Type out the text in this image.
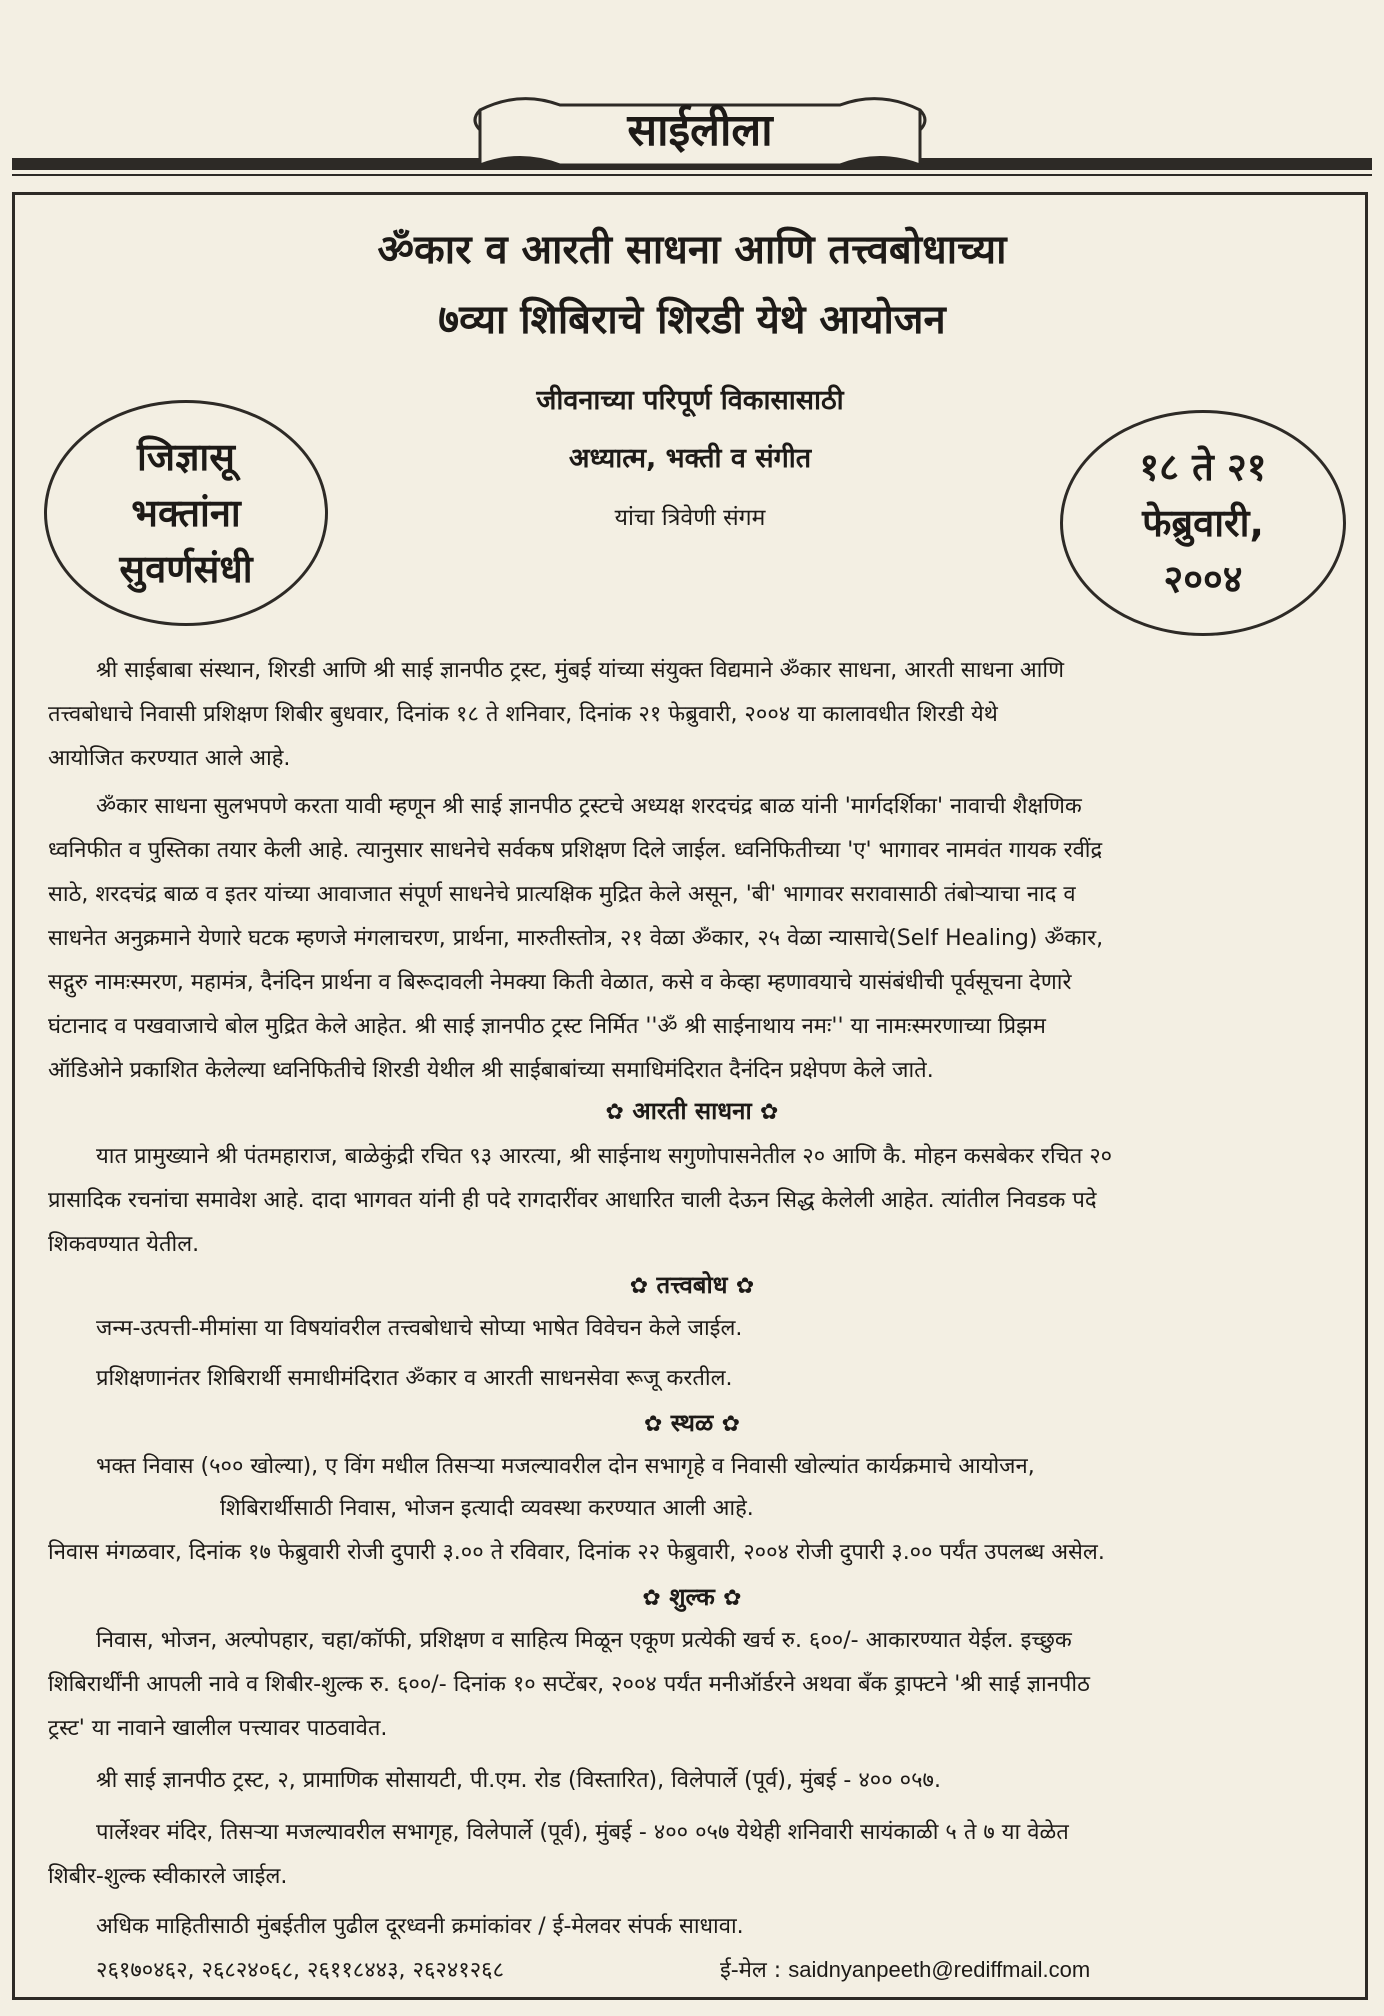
साईलीला
ॐकार व आरती साधना आणि तत्त्वबोधाच्या
७व्या शिबिराचे शिरडी येथे आयोजन
जीवनाच्या परिपूर्ण विकासासाठी
अध्यात्म, भक्ती व संगीत
यांचा त्रिवेणी संगम
जिज्ञासू
भक्तांना
सुवर्णसंधी
१८ ते २१
फेब्रुवारी,
२००४
श्री साईबाबा संस्थान, शिरडी आणि श्री साई ज्ञानपीठ ट्रस्ट, मुंबई यांच्या संयुक्त विद्यमाने ॐकार साधना, आरती साधना आणि
तत्त्वबोधाचे निवासी प्रशिक्षण शिबीर बुधवार, दिनांक १८ ते शनिवार, दिनांक २१ फेब्रुवारी, २००४ या कालावधीत शिरडी येथे
आयोजित करण्यात आले आहे.
ॐकार साधना सुलभपणे करता यावी म्हणून श्री साई ज्ञानपीठ ट्रस्टचे अध्यक्ष शरदचंद्र बाळ यांनी 'मार्गदर्शिका' नावाची शैक्षणिक
ध्वनिफीत व पुस्तिका तयार केली आहे. त्यानुसार साधनेचे सर्वकष प्रशिक्षण दिले जाईल. ध्वनिफितीच्या 'ए' भागावर नामवंत गायक रवींद्र
साठे, शरदचंद्र बाळ व इतर यांच्या आवाजात संपूर्ण साधनेचे प्रात्यक्षिक मुद्रित केले असून, 'बी' भागावर सरावासाठी तंबोऱ्याचा नाद व
साधनेत अनुक्रमाने येणारे घटक म्हणजे मंगलाचरण, प्रार्थना, मारुतीस्तोत्र, २१ वेळा ॐकार, २५ वेळा न्यासाचे(Self Healing) ॐकार,
सद्गुरु नामःस्मरण, महामंत्र, दैनंदिन प्रार्थना व बिरूदावली नेमक्या किती वेळात, कसे व केव्हा म्हणावयाचे यासंबंधीची पूर्वसूचना देणारे
घंटानाद व पखवाजाचे बोल मुद्रित केले आहेत. श्री साई ज्ञानपीठ ट्रस्ट निर्मित ''ॐ श्री साईनाथाय नमः'' या नामःस्मरणाच्या प्रिझम
ऑडिओने प्रकाशित केलेल्या ध्वनिफितीचे शिरडी येथील श्री साईबाबांच्या समाधिमंदिरात दैनंदिन प्रक्षेपण केले जाते.
✿ आरती साधना ✿
यात प्रामुख्याने श्री पंतमहाराज, बाळेकुंद्री रचित ९३ आरत्या, श्री साईनाथ सगुणोपासनेतील २० आणि कै. मोहन कसबेकर रचित २०
प्रासादिक रचनांचा समावेश आहे. दादा भागवत यांनी ही पदे रागदारींवर आधारित चाली देऊन सिद्ध केलेली आहेत. त्यांतील निवडक पदे
शिकवण्यात येतील.
✿ तत्त्वबोध ✿
जन्म-उत्पत्ती-मीमांसा या विषयांवरील तत्त्वबोधाचे सोप्या भाषेत विवेचन केले जाईल.
प्रशिक्षणानंतर शिबिरार्थी समाधीमंदिरात ॐकार व आरती साधनसेवा रूजू करतील.
✿ स्थळ ✿
भक्त निवास (५०० खोल्या), ए विंग मधील तिसऱ्या मजल्यावरील दोन सभागृहे व निवासी खोल्यांत कार्यक्रमाचे आयोजन,
शिबिरार्थीसाठी निवास, भोजन इत्यादी व्यवस्था करण्यात आली आहे.
निवास मंगळवार, दिनांक १७ फेब्रुवारी रोजी दुपारी ३.०० ते रविवार, दिनांक २२ फेब्रुवारी, २००४ रोजी दुपारी ३.०० पर्यंत उपलब्ध असेल.
✿ शुल्क ✿
निवास, भोजन, अल्पोपहार, चहा/कॉफी, प्रशिक्षण व साहित्य मिळून एकूण प्रत्येकी खर्च रु. ६००/- आकारण्यात येईल. इच्छुक
शिबिरार्थींनी आपली नावे व शिबीर-शुल्क रु. ६००/- दिनांक १० सप्टेंबर, २००४ पर्यंत मनीऑर्डरने अथवा बँक ड्राफ्टने 'श्री साई ज्ञानपीठ
ट्रस्ट' या नावाने खालील पत्त्यावर पाठवावेत.
श्री साई ज्ञानपीठ ट्रस्ट, २, प्रामाणिक सोसायटी, पी.एम. रोड (विस्तारित), विलेपार्ले (पूर्व), मुंबई - ४०० ०५७.
पार्लेश्वर मंदिर, तिसऱ्या मजल्यावरील सभागृह, विलेपार्ले (पूर्व), मुंबई - ४०० ०५७ येथेही शनिवारी सायंकाळी ५ ते ७ या वेळेत
शिबीर-शुल्क स्वीकारले जाईल.
अधिक माहितीसाठी मुंबईतील पुढील दूरध्वनी क्रमांकांवर / ई-मेलवर संपर्क साधावा.
२६१७०४६२, २६८२४०६८, २६११८४४३, २६२४१२६८	ई-मेल : saidnyanpeeth@rediffmail.com
